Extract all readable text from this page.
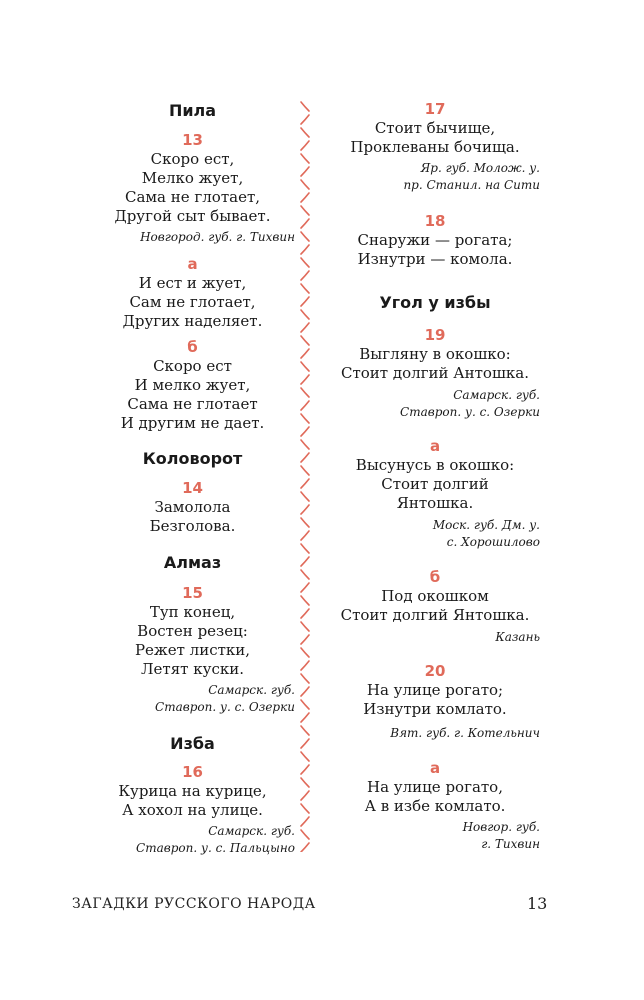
Пила
13
Скоро ест,
Мелко жует,
Сама не глотает,
Другой сыт бывает.
Новгород. губ. г. Тихвин
а
И ест и жует,
Сам не глотает,
Других наделяет.
б
Скоро ест
И мелко жует,
Сама не глотает
И другим не дает.
Коловорот
14
Замолола
Безголова.
Алмаз
15
Туп конец,
Востен резец:
Режет листки,
Летят куски.
Самарск. губ.
Ставроп. у. с. Озерки
Изба
16
Курица на курице,
А хохол на улице.
Самарск. губ.
Ставроп. у. с. Пальцыно
17
Стоит бычище,
Проклеваны бочища.
Яр. губ. Молож. у.
пр. Станил. на Сити
18
Снаружи — рогата;
Изнутри — комола.
Угол у избы
19
Выгляну в окошко:
Стоит долгий Антошка.
Самарск. губ.
Ставроп. у. с. Озерки
а
Высунусь в окошко:
Стоит долгий
Янтошка.
Моск. губ. Дм. у.
с. Хорошилово
б
Под окошком
Стоит долгий Янтошка.
Казань
20
На улице рогато;
Изнутри комлато.
Вят. губ. г. Котельнич
а
На улице рогато,
А в избе комлато.
Новгор. губ.
г. Тихвин
ЗАГАДКИ РУССКОГО НАРОДА	13
